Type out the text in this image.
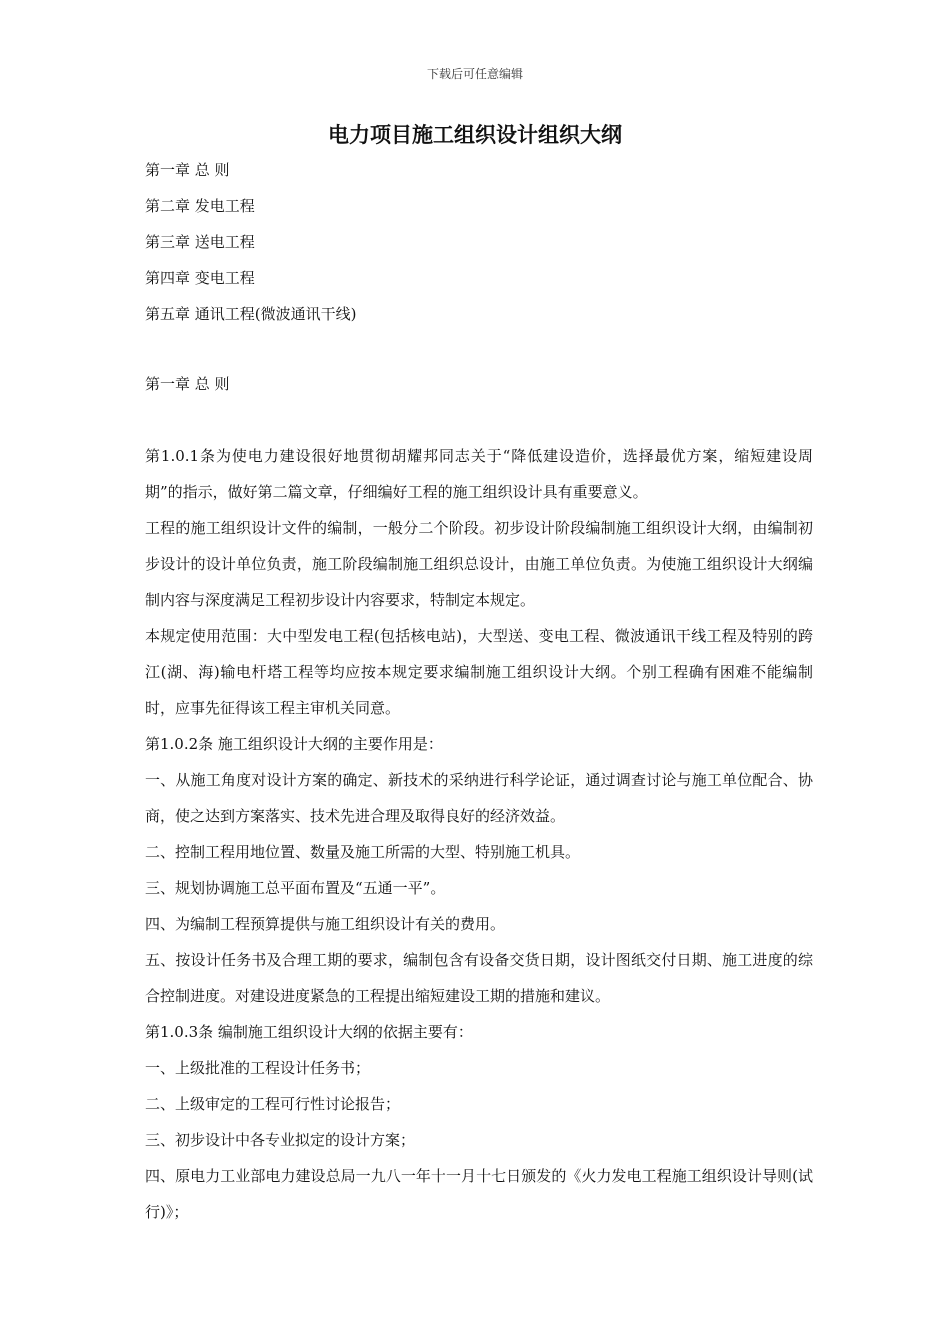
下载后可任意编辑
电力项目施工组织设计组织大纲
第一章 总 则
第二章 发电工程
第三章 送电工程
第四章 变电工程
第五章 通讯工程(微波通讯干线)
第一章 总 则

第1.0.1条为使电力建设很好地贯彻胡耀邦同志关于“降低建设造价，选择最优方案，缩短建设周期”的指示，做好第二篇文章，仔细编好工程的施工组织设计具有重要意义。

工程的施工组织设计文件的编制，一般分二个阶段。初步设计阶段编制施工组织设计大纲，由编制初步设计的设计单位负责，施工阶段编制施工组织总设计，由施工单位负责。为使施工组织设计大纲编制内容与深度满足工程初步设计内容要求，特制定本规定。

本规定使用范围：大中型发电工程(包括核电站)，大型送、变电工程、微波通讯干线工程及特别的跨江(湖、海)输电杆塔工程等均应按本规定要求编制施工组织设计大纲。个别工程确有困难不能编制时，应事先征得该工程主审机关同意。

第1.0.2条 施工组织设计大纲的主要作用是：

一、从施工角度对设计方案的确定、新技术的采纳进行科学论证，通过调查讨论与施工单位配合、协商，使之达到方案落实、技术先进合理及取得良好的经济效益。

二、控制工程用地位置、数量及施工所需的大型、特别施工机具。

三、规划协调施工总平面布置及“五通一平”。

四、为编制工程预算提供与施工组织设计有关的费用。

五、按设计任务书及合理工期的要求，编制包含有设备交货日期，设计图纸交付日期、施工进度的综合控制进度。对建设进度紧急的工程提出缩短建设工期的措施和建议。

第1.0.3条 编制施工组织设计大纲的依据主要有：

一、上级批准的工程设计任务书；

二、上级审定的工程可行性讨论报告；

三、初步设计中各专业拟定的设计方案；

四、原电力工业部电力建设总局一九八一年十一月十七日颁发的《火力发电工程施工组织设计导则(试行)》；
